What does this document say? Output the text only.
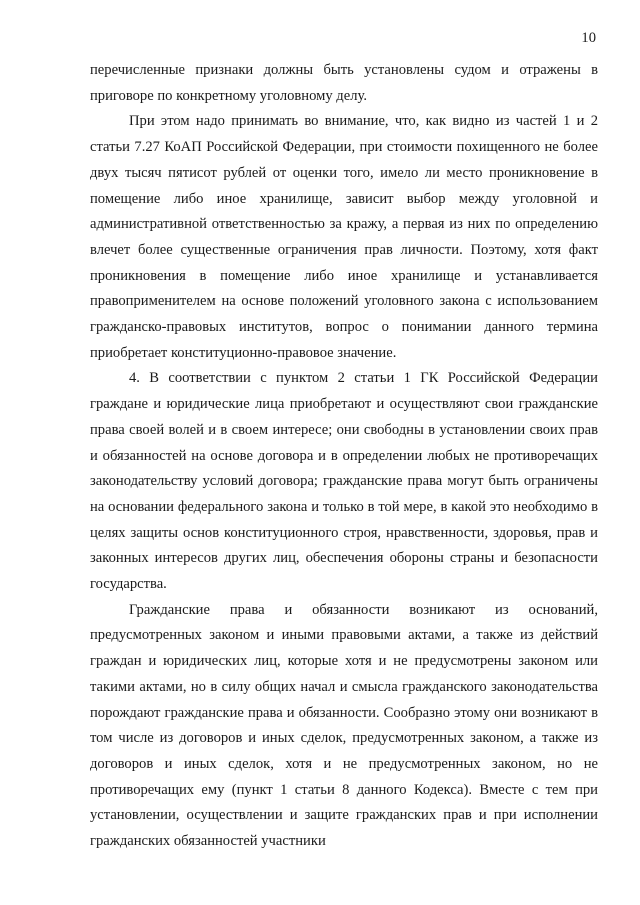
10

перечисленные признаки должны быть установлены судом и отражены в приговоре по конкретному уголовному делу.

При этом надо принимать во внимание, что, как видно из частей 1 и 2 статьи 7.27 КоАП Российской Федерации, при стоимости похищенного не более двух тысяч пятисот рублей от оценки того, имело ли место проникновение в помещение либо иное хранилище, зависит выбор между уголовной и административной ответственностью за кражу, а первая из них по определению влечет более существенные ограничения прав личности. Поэтому, хотя факт проникновения в помещение либо иное хранилище и устанавливается правоприменителем на основе положений уголовного закона с использованием гражданско-правовых институтов, вопрос о понимании данного термина приобретает конституционно-правовое значение.

4. В соответствии с пунктом 2 статьи 1 ГК Российской Федерации граждане и юридические лица приобретают и осуществляют свои гражданские права своей волей и в своем интересе; они свободны в установлении своих прав и обязанностей на основе договора и в определении любых не противоречащих законодательству условий договора; гражданские права могут быть ограничены на основании федерального закона и только в той мере, в какой это необходимо в целях защиты основ конституционного строя, нравственности, здоровья, прав и законных интересов других лиц, обеспечения обороны страны и безопасности государства.

Гражданские права и обязанности возникают из оснований, предусмотренных законом и иными правовыми актами, а также из действий граждан и юридических лиц, которые хотя и не предусмотрены законом или такими актами, но в силу общих начал и смысла гражданского законодательства порождают гражданские права и обязанности. Сообразно этому они возникают в том числе из договоров и иных сделок, предусмотренных законом, а также из договоров и иных сделок, хотя и не предусмотренных законом, но не противоречащих ему (пункт 1 статьи 8 данного Кодекса). Вместе с тем при установлении, осуществлении и защите гражданских прав и при исполнении гражданских обязанностей участники
